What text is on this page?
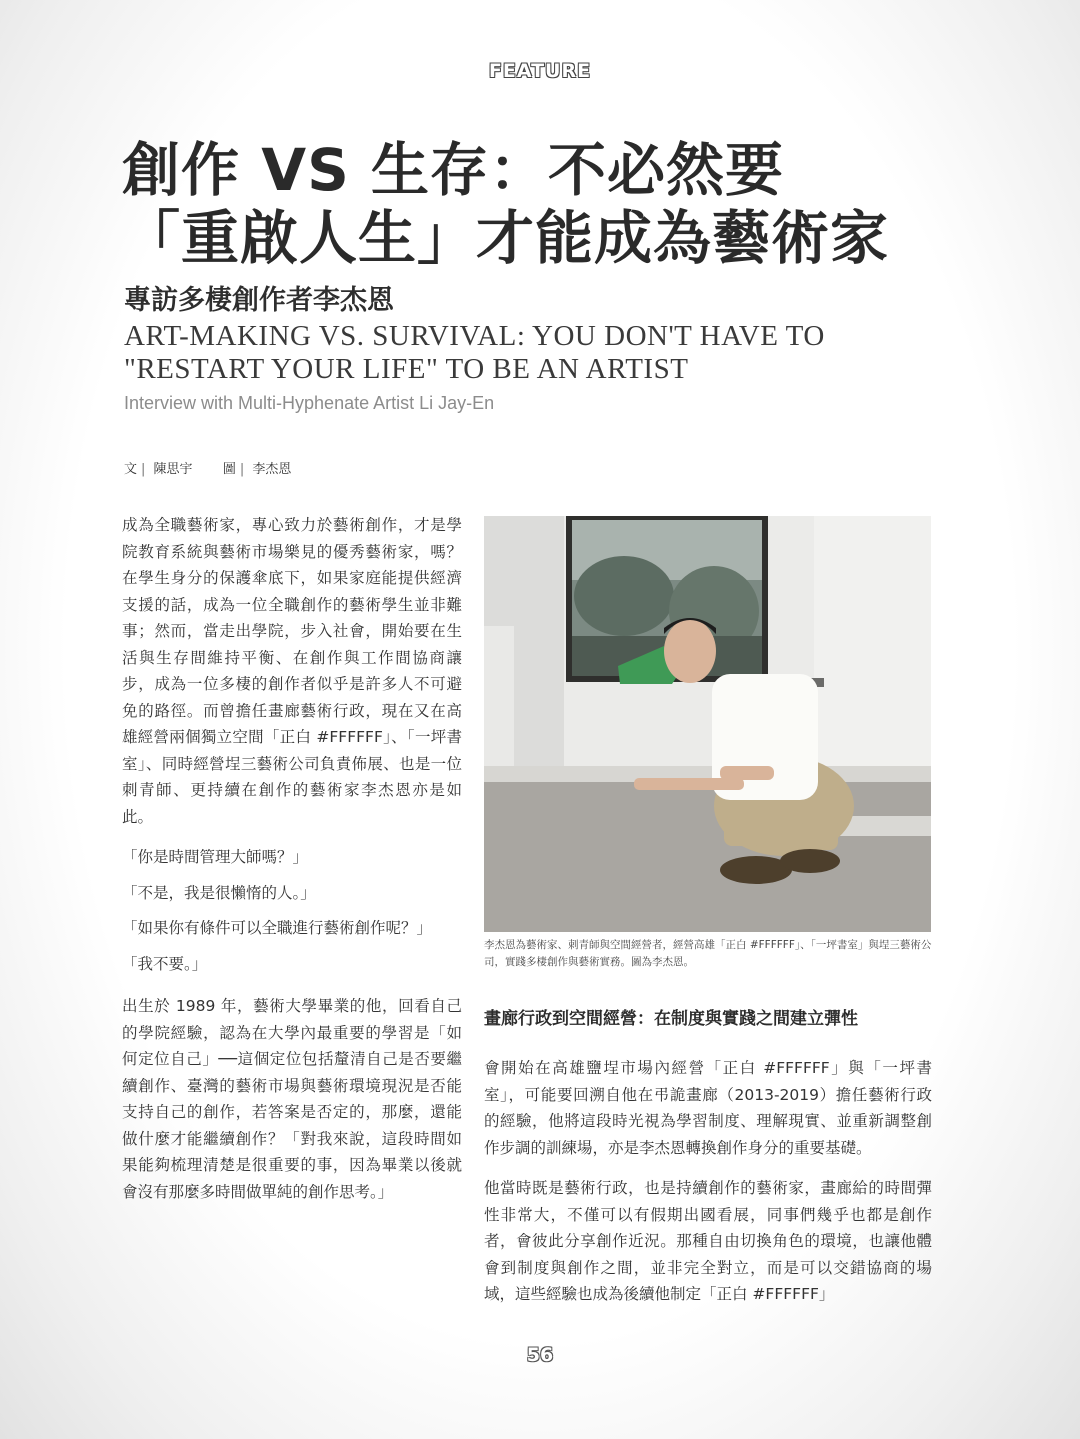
FEATURE
創作 VS 生存：不必然要
「重啟人生」才能成為藝術家
專訪多棲創作者李杰恩
ART-MAKING VS. SURVIVAL: YOU DON'T HAVE TO
"RESTART YOUR LIFE" TO BE AN ARTIST
Interview with Multi-Hyphenate Artist Li Jay-En
文 | 陳思宇 圖 | 李杰恩

成為全職藝術家，專心致力於藝術創作，才是學院教育系統與藝術市場樂見的優秀藝術家，嗎？在學生身分的保護傘底下，如果家庭能提供經濟支援的話，成為一位全職創作的藝術學生並非難事；然而，當走出學院，步入社會，開始要在生活與生存間維持平衡、在創作與工作間協商讓步，成為一位多棲的創作者似乎是許多人不可避免的路徑。而曾擔任畫廊藝術行政，現在又在高雄經營兩個獨立空間「正白 #FFFFFF」、「一坪書室」、同時經營埕三藝術公司負責佈展、也是一位刺青師、更持續在創作的藝術家李杰恩亦是如此。

「你是時間管理大師嗎？」

「不是，我是很懶惰的人。」

「如果你有條件可以全職進行藝術創作呢？」

「我不要。」

出生於 1989 年，藝術大學畢業的他，回看自己的學院經驗，認為在大學內最重要的學習是「如何定位自己」──這個定位包括釐清自己是否要繼續創作、臺灣的藝術市場與藝術環境現況是否能支持自己的創作，若答案是否定的，那麼，還能做什麼才能繼續創作？「對我來說，這段時間如果能夠梳理清楚是很重要的事，因為畢業以後就會沒有那麼多時間做單純的創作思考。」

李杰恩為藝術家、刺青師與空間經營者，經營高雄「正白 #FFFFFF」、「一坪書室」與埕三藝術公司，實踐多棲創作與藝術實務。圖為李杰恩。
畫廊行政到空間經營：在制度與實踐之間建立彈性

會開始在高雄鹽埕市場內經營「正白 #FFFFFF」與「一坪書室」，可能要回溯自他在弔詭畫廊（2013-2019）擔任藝術行政的經驗，他將這段時光視為學習制度、理解現實、並重新調整創作步調的訓練場，亦是李杰恩轉換創作身分的重要基礎。

他當時既是藝術行政，也是持續創作的藝術家，畫廊給的時間彈性非常大，不僅可以有假期出國看展，同事們幾乎也都是創作者，會彼此分享創作近況。那種自由切換角色的環境，也讓他體會到制度與創作之間，並非完全對立，而是可以交錯協商的場域，這些經驗也成為後續他制定「正白 #FFFFFF」

56
